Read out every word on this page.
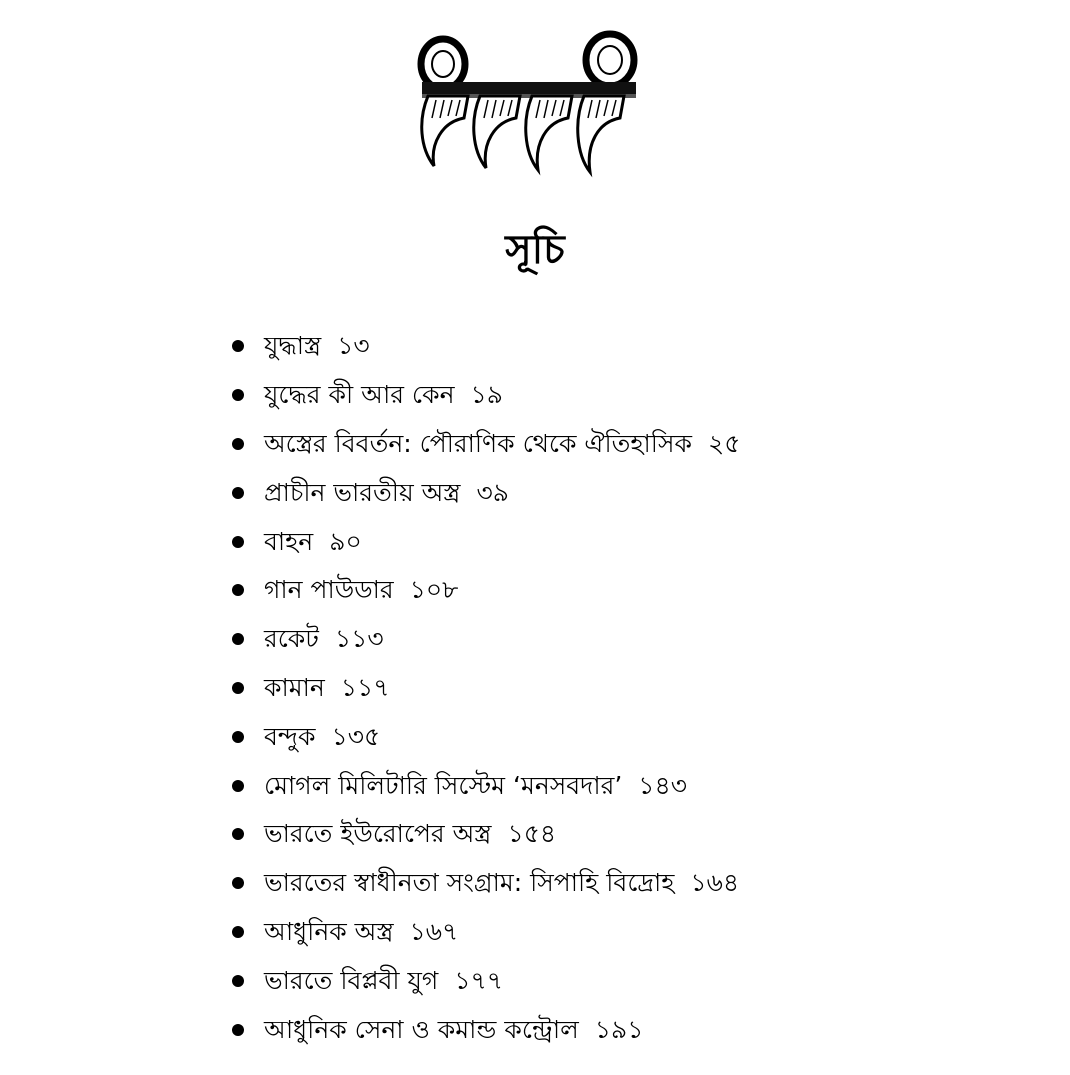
সূচি
যুদ্ধাস্ত্র ১৩
যুদ্ধের কী আর কেন ১৯
অস্ত্রের বিবর্তন: পৌরাণিক থেকে ঐতিহাসিক ২৫
প্রাচীন ভারতীয় অস্ত্র ৩৯
বাহন ৯০
গান পাউডার ১০৮
রকেট ১১৩
কামান ১১৭
বন্দুক ১৩৫
মোগল মিলিটারি সিস্টেম ‘মনসবদার’ ১৪৩
ভারতে ইউরোপের অস্ত্র ১৫৪
ভারতের স্বাধীনতা সংগ্রাম: সিপাহি বিদ্রোহ ১৬৪
আধুনিক অস্ত্র ১৬৭
ভারতে বিপ্লবী যুগ ১৭৭
আধুনিক সেনা ও কমান্ড কন্ট্রোল ১৯১
